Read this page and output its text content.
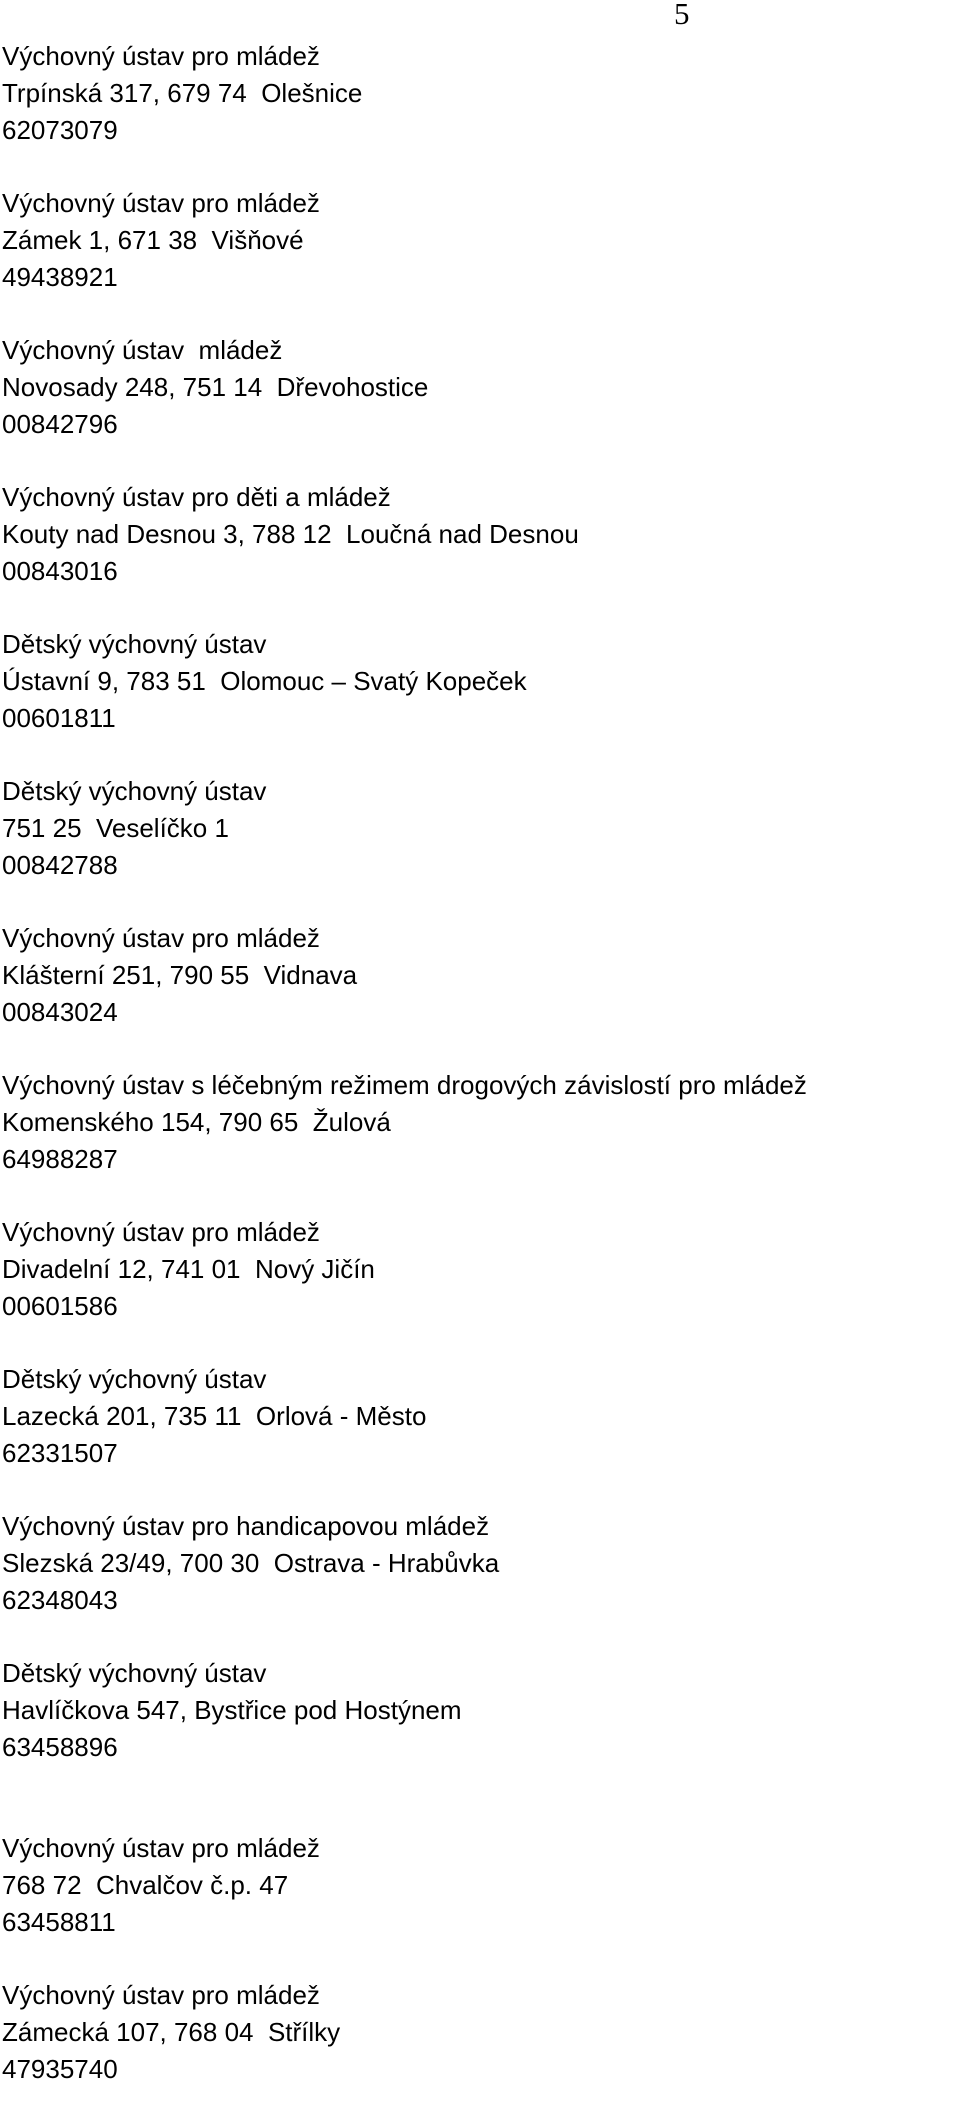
5
Výchovný ústav pro mládež
Trpínská 317, 679 74  Olešnice
62073079
Výchovný ústav pro mládež
Zámek 1, 671 38  Višňové
49438921
Výchovný ústav  mládež
Novosady 248, 751 14  Dřevohostice
00842796
Výchovný ústav pro děti a mládež
Kouty nad Desnou 3, 788 12  Loučná nad Desnou
00843016
Dětský výchovný ústav
Ústavní 9, 783 51  Olomouc – Svatý Kopeček
00601811
Dětský výchovný ústav
751 25  Veselíčko 1
00842788
Výchovný ústav pro mládež
Klášterní 251, 790 55  Vidnava
00843024
Výchovný ústav s léčebným režimem drogových závislostí pro mládež
Komenského 154, 790 65  Žulová
64988287
Výchovný ústav pro mládež
Divadelní 12, 741 01  Nový Jičín
00601586
Dětský výchovný ústav
Lazecká 201, 735 11  Orlová - Město
62331507
Výchovný ústav pro handicapovou mládež
Slezská 23/49, 700 30  Ostrava - Hrabůvka
62348043
Dětský výchovný ústav
Havlíčkova 547, Bystřice pod Hostýnem
63458896
Výchovný ústav pro mládež
768 72  Chvalčov č.p. 47
63458811
Výchovný ústav pro mládež
Zámecká 107, 768 04  Střílky
47935740
